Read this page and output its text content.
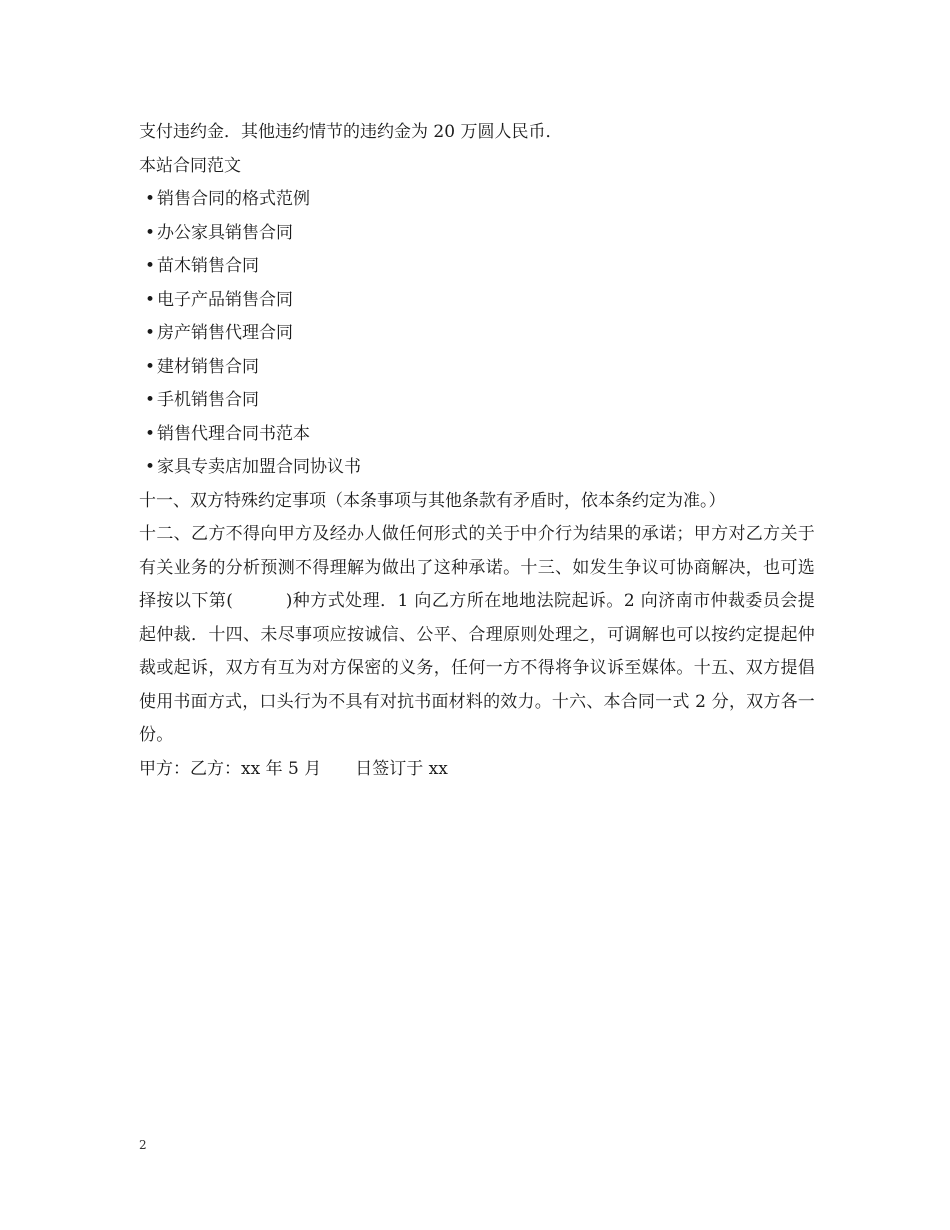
支付违约金．其他违约情节的违约金为 20 万圆人民币．

本站合同范文

• 销售合同的格式范例
• 办公家具销售合同
• 苗木销售合同
• 电子产品销售合同
• 房产销售代理合同
• 建材销售合同
• 手机销售合同
• 销售代理合同书范本
• 家具专卖店加盟合同协议书

十一、双方特殊约定事项（本条事项与其他条款有矛盾时，依本条约定为准。）

十二、乙方不得向甲方及经办人做任何形式的关于中介行为结果的承诺；甲方对乙方关于有关业务的分析预测不得理解为做出了这种承诺。十三、如发生争议可协商解决，也可选择按以下第(　　　)种方式处理．1 向乙方所在地地法院起诉。2 向济南市仲裁委员会提起仲裁．十四、未尽事项应按诚信、公平、合理原则处理之，可调解也可以按约定提起仲裁或起诉，双方有互为对方保密的义务，任何一方不得将争议诉至媒体。十五、双方提倡使用书面方式，口头行为不具有对抗书面材料的效力。十六、本合同一式 2 分，双方各一份。

甲方：乙方：xx 年 5 月　　日签订于 xx

2
